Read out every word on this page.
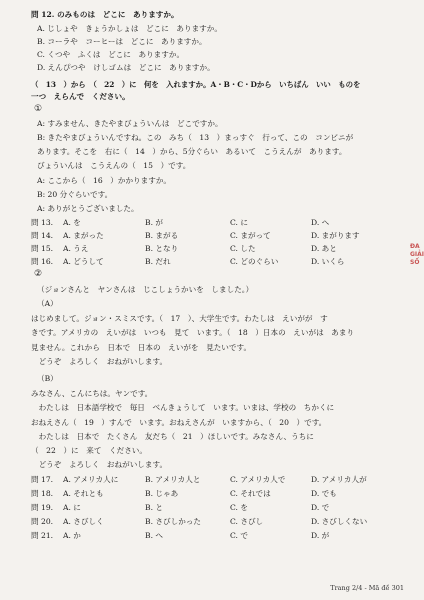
問 12. のみものは　どこに　ありますか。
A. じしょや　きょうかしょは　どこに　ありますか。
B. コーラや　コーヒーは　どこに　ありますか。
C. くつや　ふくは　どこに　ありますか。
D. えんぴつや　けしゴムは　どこに　ありますか。
（　13　）から　（　22　）に　何を　入れますか。A・B・C・Dから　いちばん　いい　ものを
一つ　えらんで　ください。
①
A: すみません、きたやまびょういんは　どこですか。
B: きたやまびょういんですね。この　みち（　13　）まっすぐ　行って、この　コンビニが
あります。そこを　右に（　14　）から、5分ぐらい　あるいて　こうえんが　あります。
びょういんは　こうえんの（　15　）です。
A: ここから（　16　）かかりますか。
B: 20 分ぐらいです。
A: ありがとうございました。
問 13. A. を	B. が	C. に	D. へ
問 14. A. まがった	B. まがる	C. まがって	D. まがります
問 15. A. うえ	B. となり	C. した	D. あと
問 16. A. どうして	B. だれ	C. どのぐらい	D. いくら
②
（ジョンさんと　ヤンさんは　じこしょうかいを　しました。）
（A）
はじめまして。ジョン・スミスです。（　17　）、大学生です。わたしは　えいがが　す
きです。アメリカの　えいがは　いつも　見て　います。（　18　）日本の　えいがは　あまり
見ません。これから　日本で　日本の　えいがを　見たいです。
　どうぞ　よろしく　おねがいします。
（B）
みなさん、こんにちは。ヤンです。
　わたしは　日本語学校で　毎日　べんきょうして　います。いまは、学校の　ちかくに
おねえさん（　19　）すんで　います。おねえさんが　いますから、（　20　）です。
　わたしは　日本で　たくさん　友だち（　21　）ほしいです。みなさん、うちに
（　22　）に　来て　ください。
　どうぞ　よろしく　おねがいします。
問 17. A. アメリカ人に	B. アメリカ人と	C. アメリカ人で	D. アメリカ人が
問 18. A. それとも	B. じゃあ	C. それでは	D. でも
問 19. A. に	B. と	C. を	D. で
問 20. A. さびしく	B. さびしかった	C. さびし	D. さびしくない
問 21. A. か	B. へ	C. で	D. が
Trang 2/4 - Mã đề 301
ĐÃ GIẢI SỐ
